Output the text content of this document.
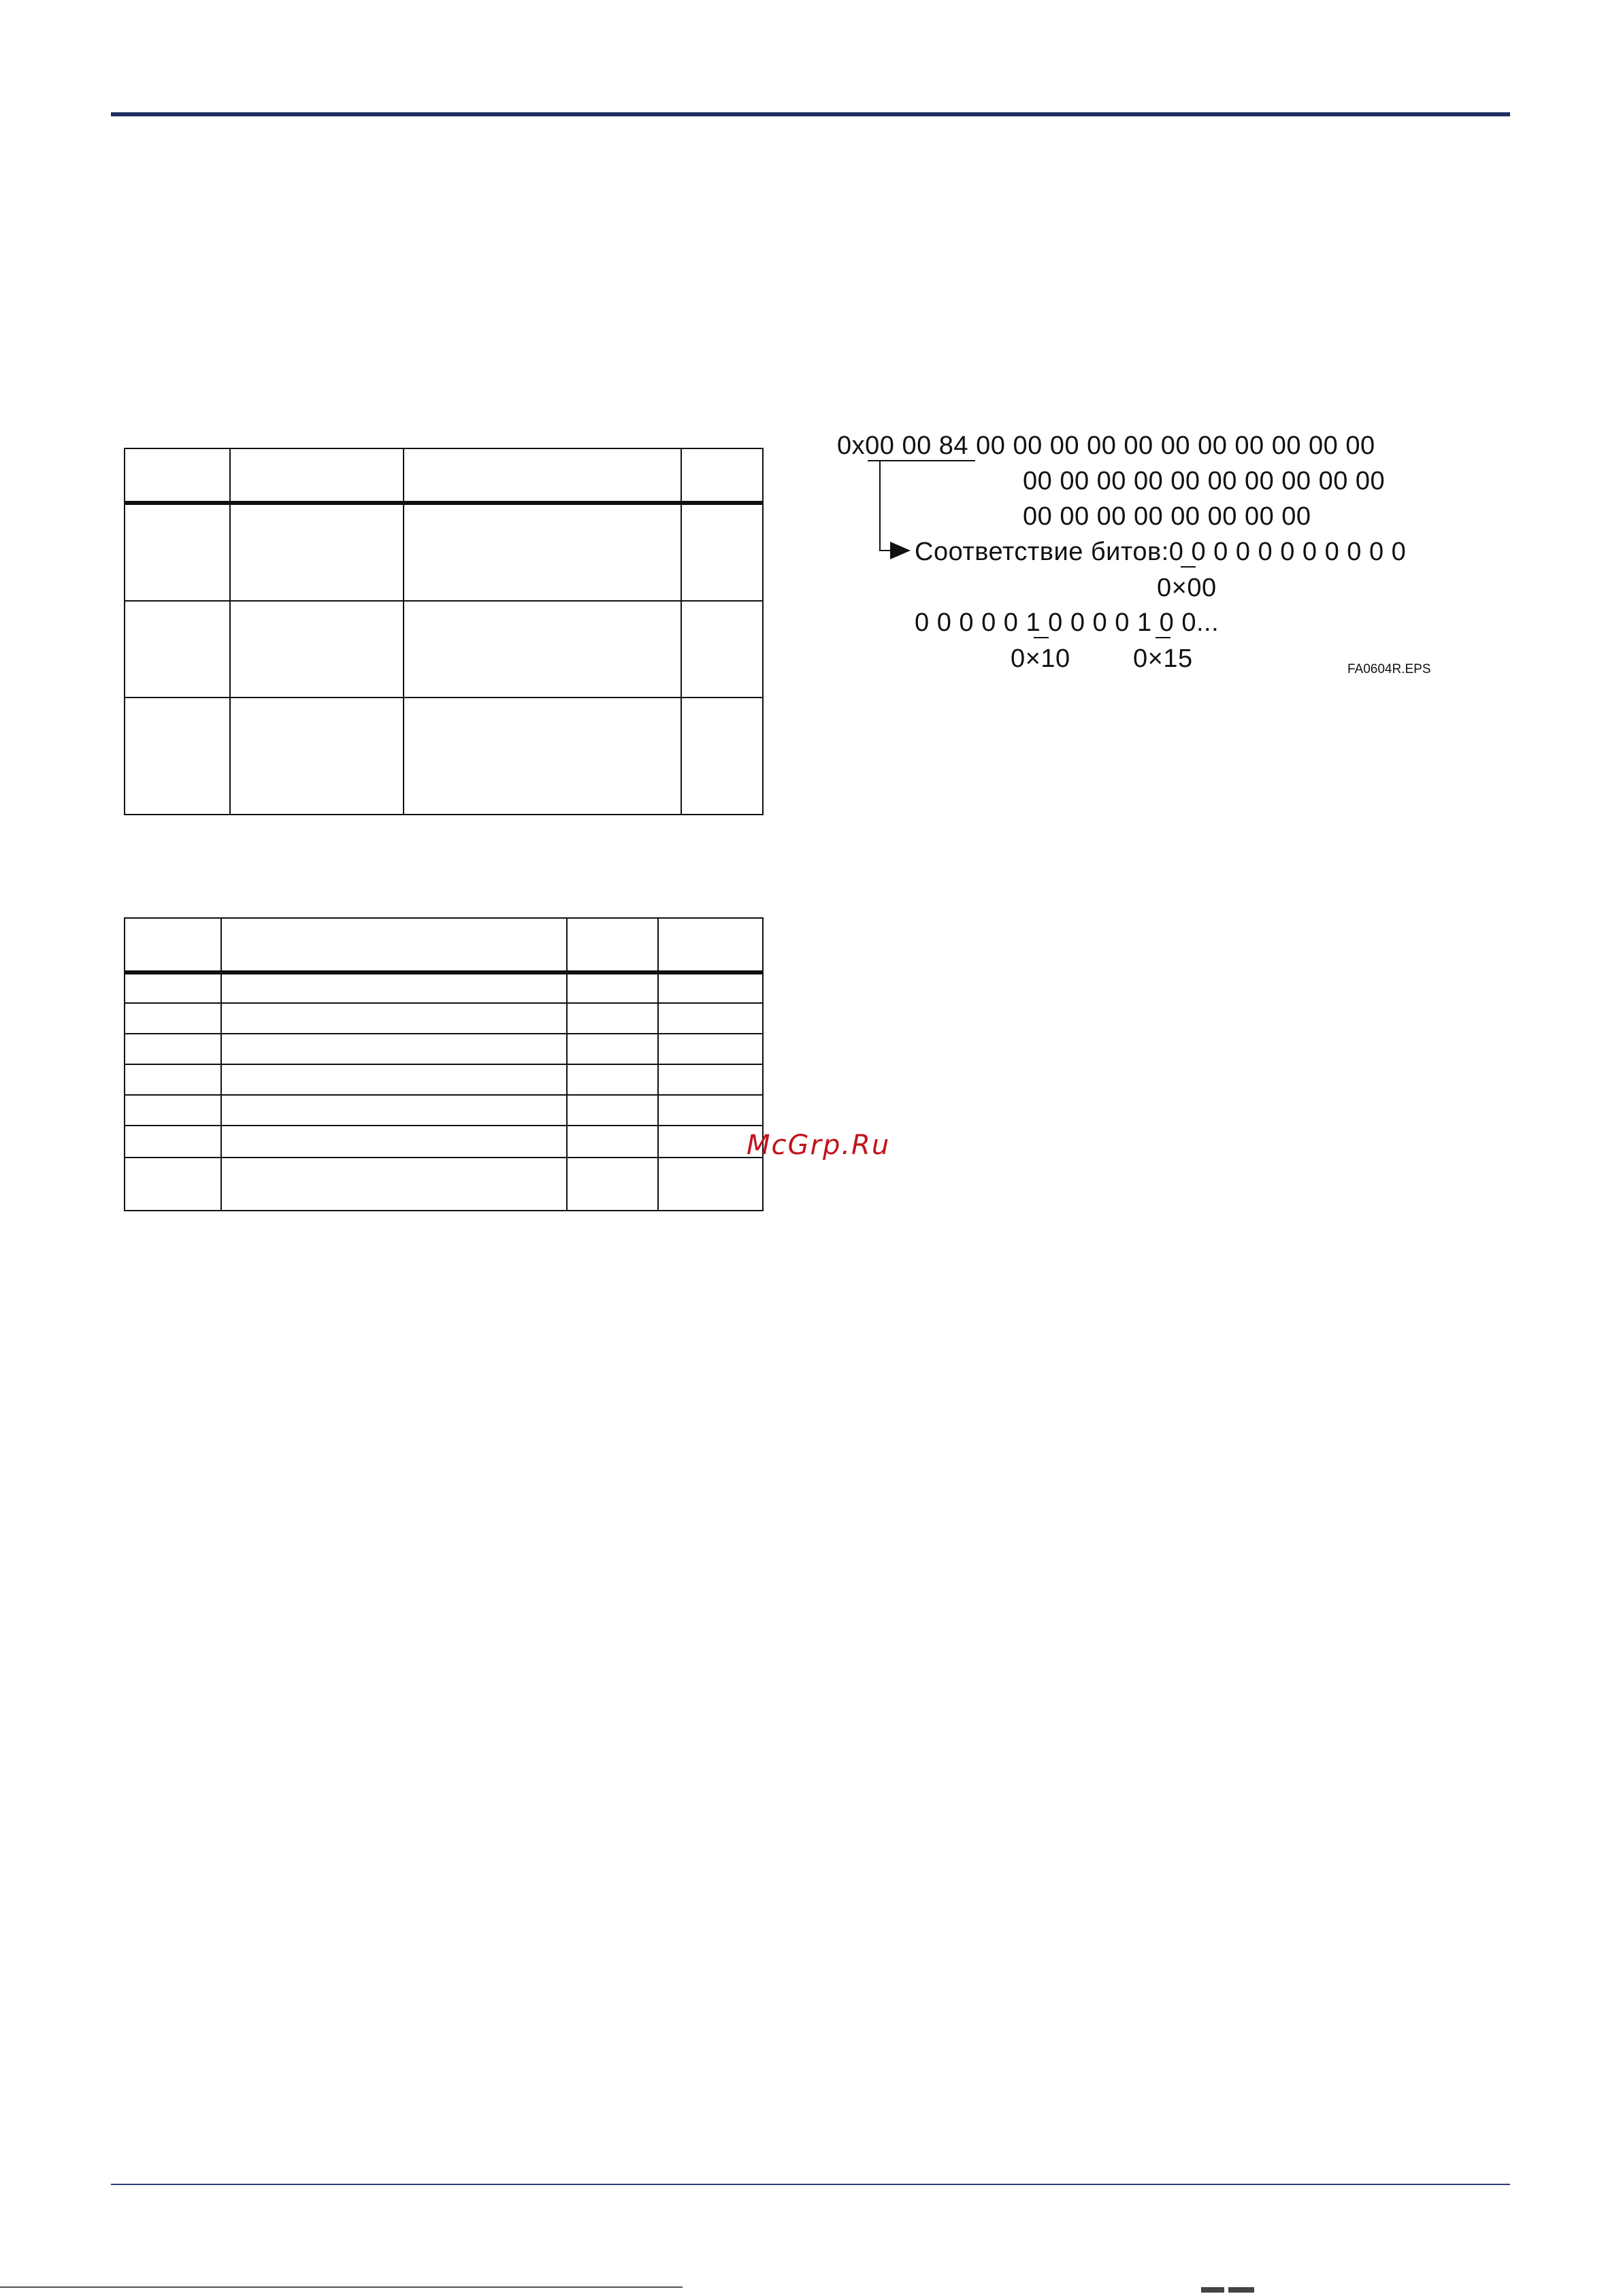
0x00 00 84 00 00 00 00 00 00 00 00 00 00 00
00 00 00 00 00 00 00 00 00 00
00 00 00 00 00 00 00 00
Соответствие битов:0 0 0 0 0 0 0 0 0 0 0
0×00
0 0 0 0 0 1 0 0 0 0 1 0 0...
0×10 0×15	FA0604R.EPS
McGrp.Ru
